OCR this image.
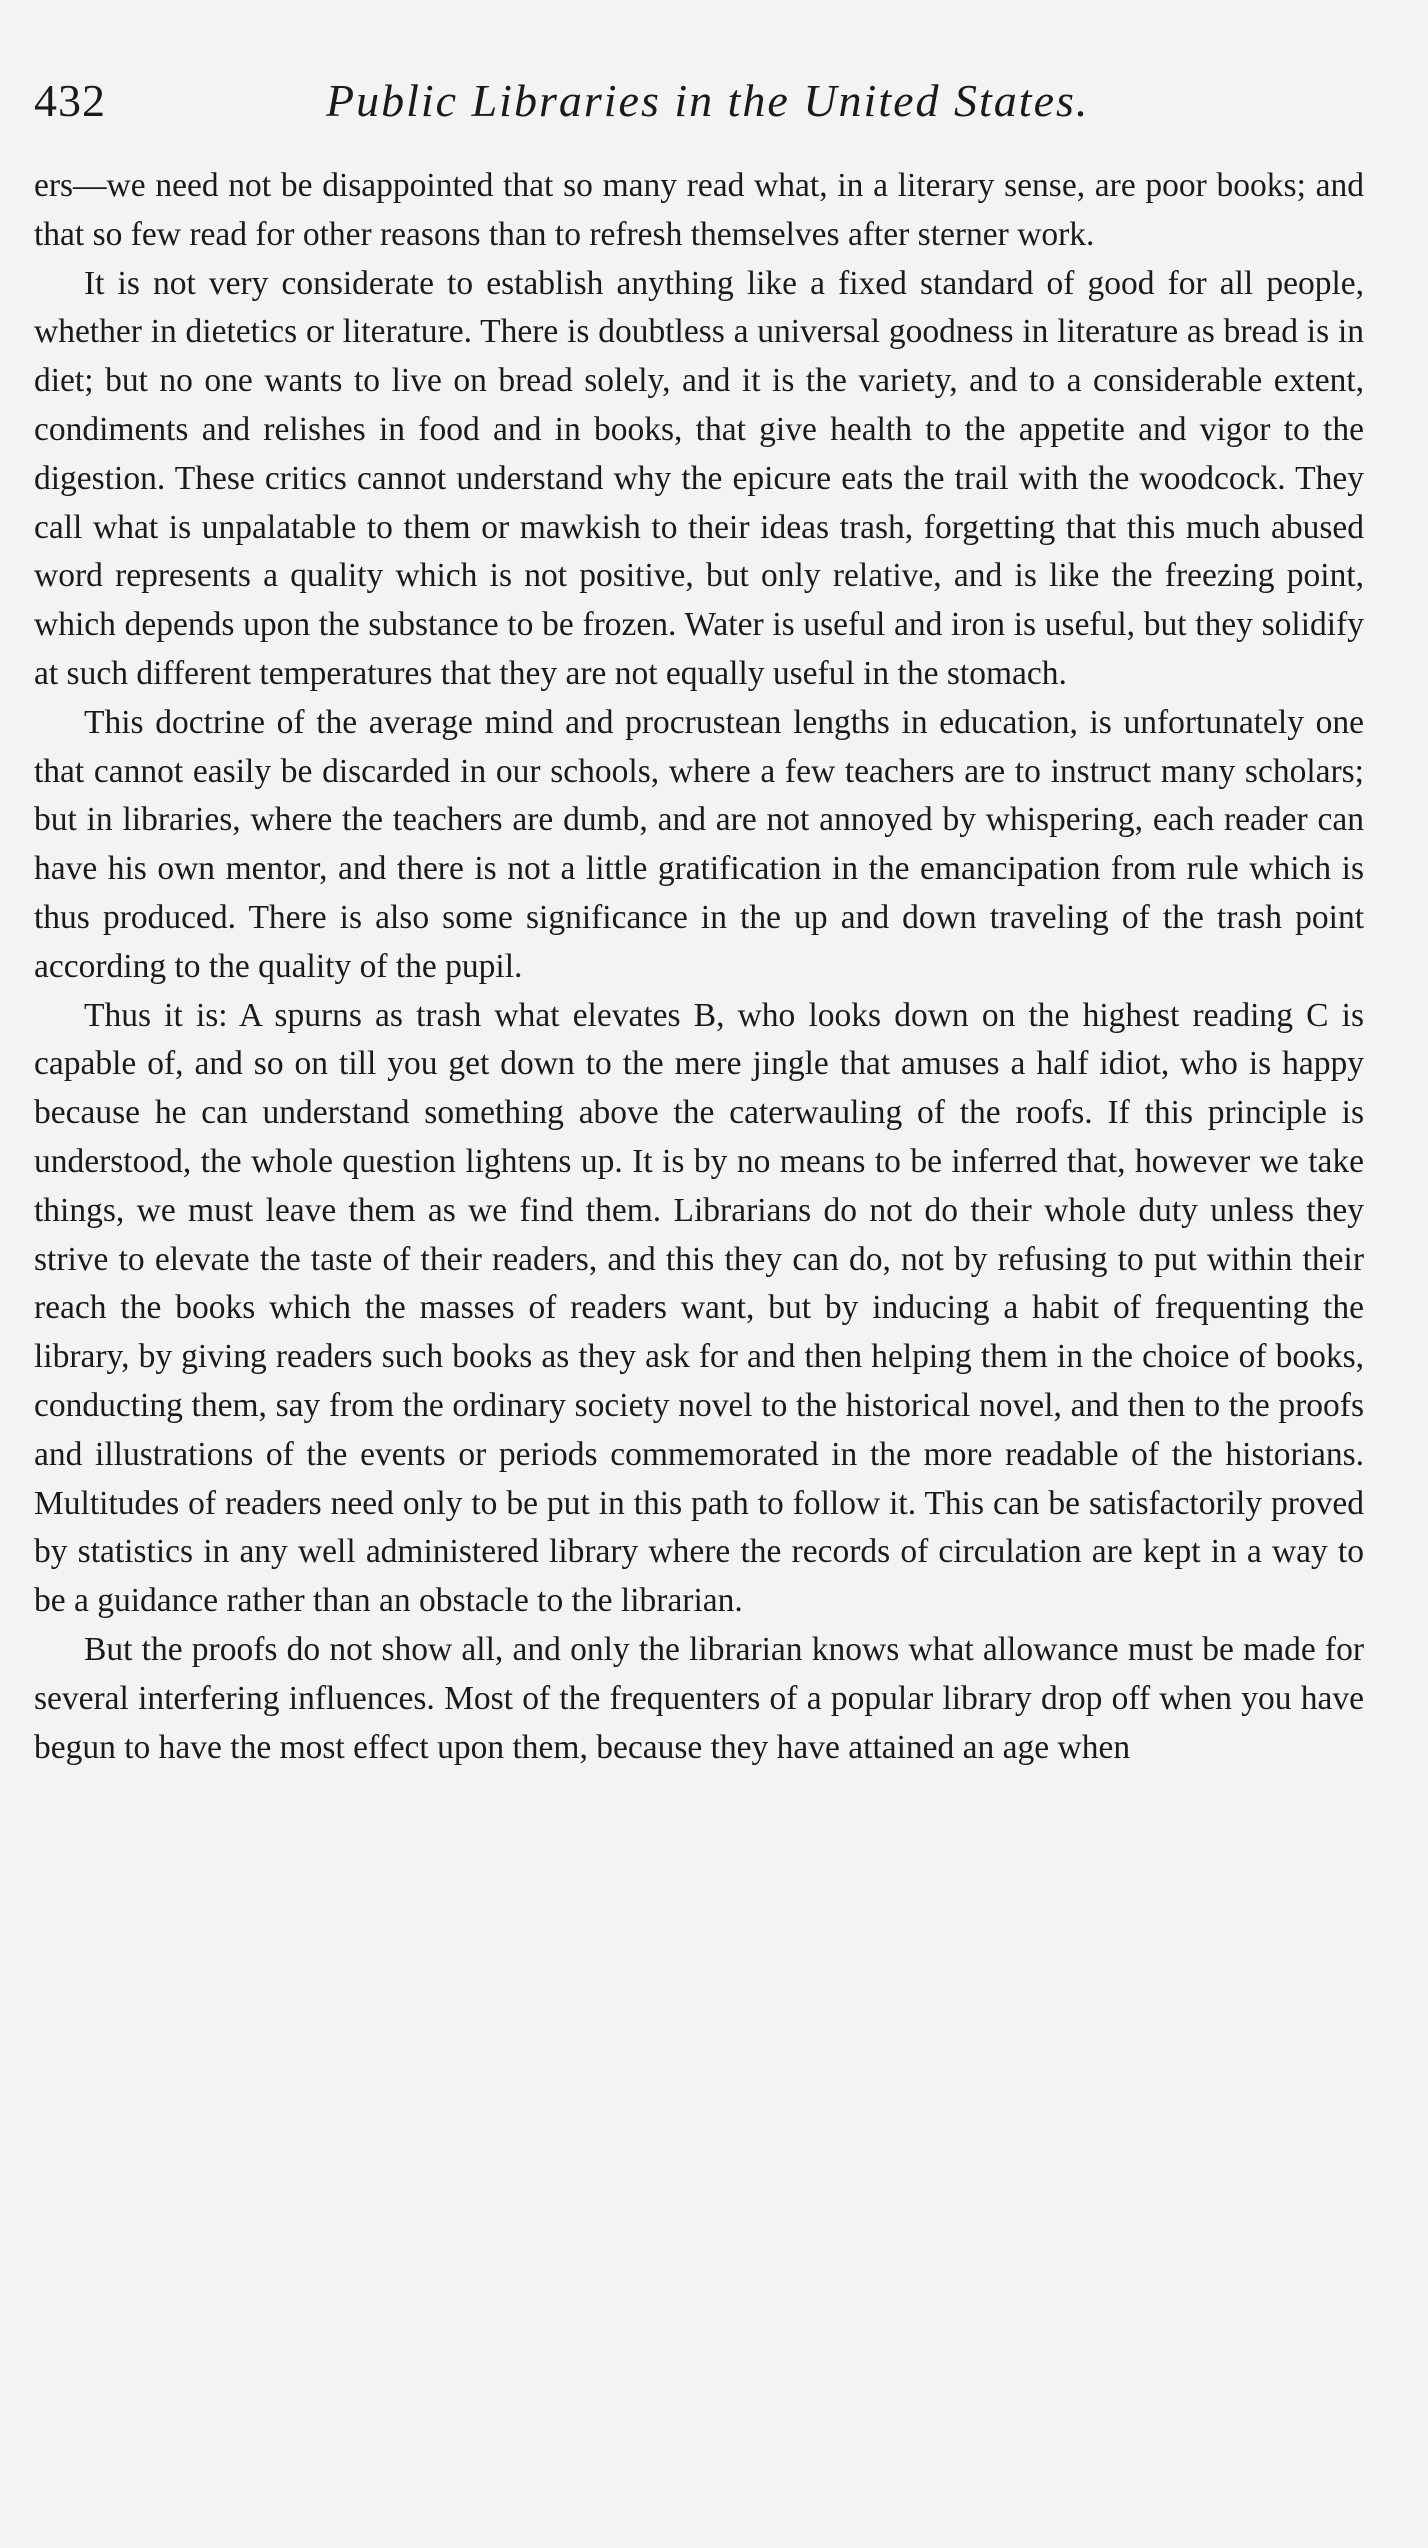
432	Public Libraries in the United States.

ers—we need not be disappointed that so many read what, in a literary sense, are poor books; and that so few read for other reasons than to refresh themselves after sterner work.

It is not very considerate to establish anything like a fixed standard of good for all people, whether in dietetics or literature. There is doubtless a universal goodness in literature as bread is in diet; but no one wants to live on bread solely, and it is the variety, and to a considerable extent, condiments and relishes in food and in books, that give health to the appetite and vigor to the digestion. These critics cannot understand why the epicure eats the trail with the woodcock. They call what is unpalatable to them or mawkish to their ideas trash, forgetting that this much abused word represents a quality which is not positive, but only relative, and is like the freezing point, which depends upon the substance to be frozen. Water is useful and iron is useful, but they solidify at such different temperatures that they are not equally useful in the stomach.

This doctrine of the average mind and procrustean lengths in education, is unfortunately one that cannot easily be discarded in our schools, where a few teachers are to instruct many scholars; but in libraries, where the teachers are dumb, and are not annoyed by whispering, each reader can have his own mentor, and there is not a little gratification in the emancipation from rule which is thus produced. There is also some significance in the up and down traveling of the trash point according to the quality of the pupil.

Thus it is: A spurns as trash what elevates B, who looks down on the highest reading C is capable of, and so on till you get down to the mere jingle that amuses a half idiot, who is happy because he can understand something above the caterwauling of the roofs. If this principle is understood, the whole question lightens up. It is by no means to be inferred that, however we take things, we must leave them as we find them. Librarians do not do their whole duty unless they strive to elevate the taste of their readers, and this they can do, not by refusing to put within their reach the books which the masses of readers want, but by inducing a habit of frequenting the library, by giving readers such books as they ask for and then helping them in the choice of books, conducting them, say from the ordinary society novel to the historical novel, and then to the proofs and illustrations of the events or periods commemorated in the more readable of the historians. Multitudes of readers need only to be put in this path to follow it. This can be satisfactorily proved by statistics in any well administered library where the records of circulation are kept in a way to be a guidance rather than an obstacle to the librarian.

But the proofs do not show all, and only the librarian knows what allowance must be made for several interfering influences. Most of the frequenters of a popular library drop off when you have begun to have the most effect upon them, because they have attained an age when
